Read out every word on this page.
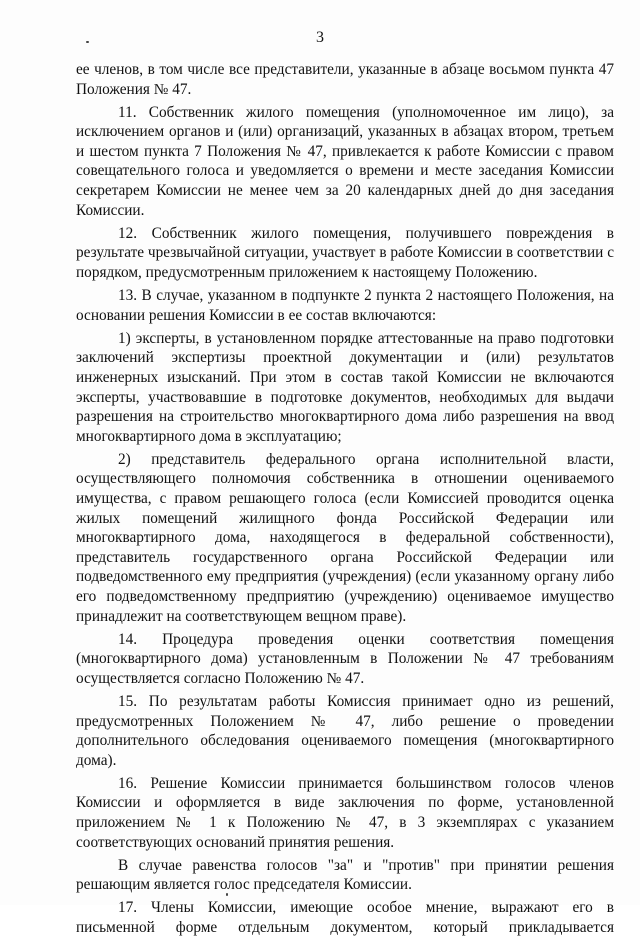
3

ее членов, в том числе все представители, указанные в абзаце восьмом пункта 47 Положения № 47.

11. Собственник жилого помещения (уполномоченное им лицо), за исключением органов и (или) организаций, указанных в абзацах втором, третьем и шестом пункта 7 Положения № 47, привлекается к работе Комиссии с правом совещательного голоса и уведомляется о времени и месте заседания Комиссии секретарем Комиссии не менее чем за 20 календарных дней до дня заседания Комиссии.

12. Собственник жилого помещения, получившего повреждения в результате чрезвычайной ситуации, участвует в работе Комиссии в соответствии с порядком, предусмотренным приложением к настоящему Положению.

13. В случае, указанном в подпункте 2 пункта 2 настоящего Положения, на основании решения Комиссии в ее состав включаются:

1) эксперты, в установленном порядке аттестованные на право подготовки заключений экспертизы проектной документации и (или) результатов инженерных изысканий. При этом в состав такой Комиссии не включаются эксперты, участвовавшие в подготовке документов, необходимых для выдачи разрешения на строительство многоквартирного дома либо разрешения на ввод многоквартирного дома в эксплуатацию;

2) представитель федерального органа исполнительной власти, осуществляющего полномочия собственника в отношении оцениваемого имущества, с правом решающего голоса (если Комиссией проводится оценка жилых помещений жилищного фонда Российской Федерации или многоквартирного дома, находящегося в федеральной собственности), представитель государственного органа Российской Федерации или подведомственного ему предприятия (учреждения) (если указанному органу либо его подведомственному предприятию (учреждению) оцениваемое имущество принадлежит на соответствующем вещном праве).

14. Процедура проведения оценки соответствия помещения (многоквартирного дома) установленным в Положении № 47 требованиям осуществляется согласно Положению № 47.

15. По результатам работы Комиссия принимает одно из решений, предусмотренных Положением № 47, либо решение о проведении дополнительного обследования оцениваемого помещения (многоквартирного дома).

16. Решение Комиссии принимается большинством голосов членов Комиссии и оформляется в виде заключения по форме, установленной приложением № 1 к Положению № 47, в 3 экземплярах с указанием соответствующих оснований принятия решения.

В случае равенства голосов "за" и "против" при принятии решения решающим является голос председателя Комиссии.

17. Члены Комиссии, имеющие особое мнение, выражают его в письменной форме отдельным документом, который прикладывается
